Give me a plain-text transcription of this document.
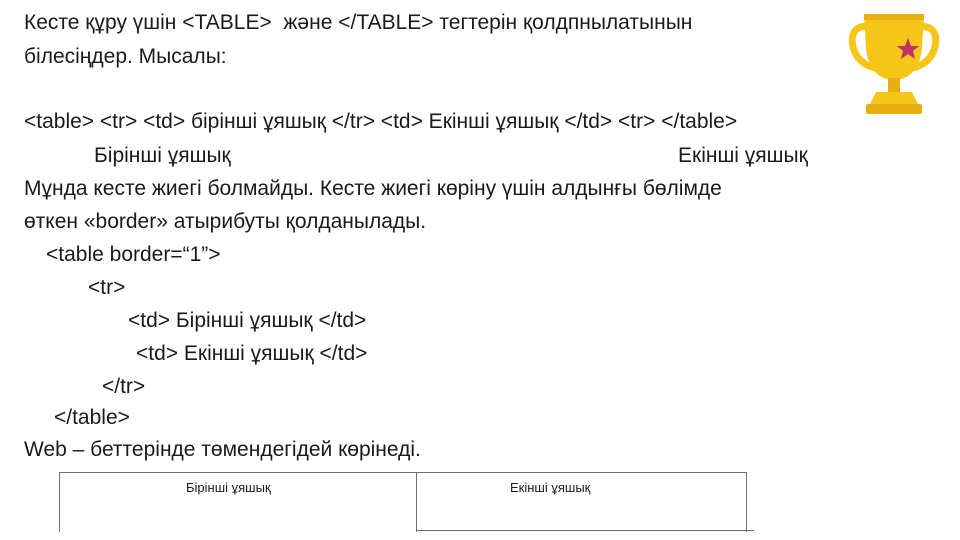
Кесте құру үшін <TABLE>  және </TABLE> тегтерін қолдпнылатынын
білесіңдер. Мысалы:
<table> <tr> <td> бірінші ұяшық </tr> <td> Екінші ұяшық </td> <tr> </table>
Бірінші ұяшық	Екінші ұяшық
Мұнда кесте жиегі болмайды. Кесте жиегі көріну үшін алдынғы бөлімде
өткен «border» атырибуты қолданылады.
<table border=“1”>
<tr>
<td> Бірінші ұяшық </td>
<td> Екінші ұяшық </td>
</tr>
</table>
Web – беттерінде төмендегідей көрінеді.
Бірінші ұяшық	Екінші ұяшық
